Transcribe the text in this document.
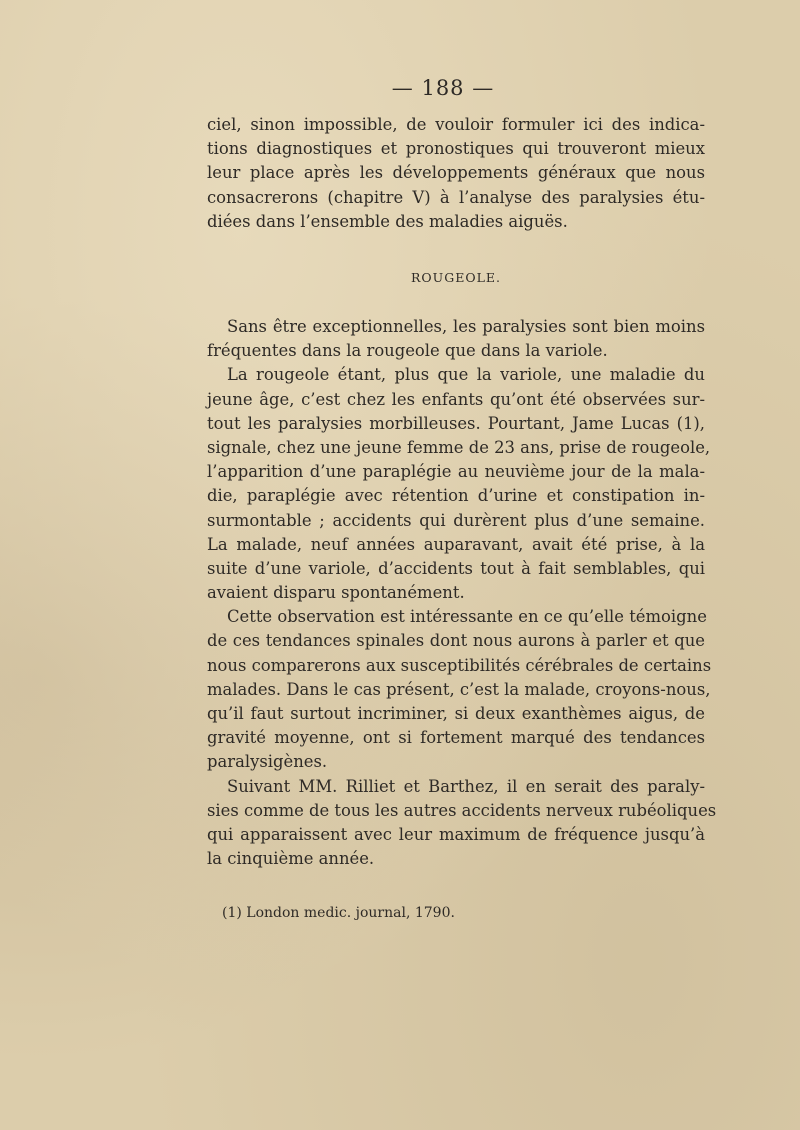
— 188 —
ciel, sinon impossible, de vouloir formuler ici des indica-
tions diagnostiques et pronostiques qui trouveront mieux
leur place après les développements généraux que nous
consacrerons (chapitre V) à l’analyse des paralysies étu-
diées dans l’ensemble des maladies aiguës.
ROUGEOLE.
Sans être exceptionnelles, les paralysies sont bien moins
fréquentes dans la rougeole que dans la variole.
La rougeole étant, plus que la variole, une maladie du
jeune âge, c’est chez les enfants qu’ont été observées sur-
tout les paralysies morbilleuses. Pourtant, Jame Lucas (1),
signale, chez une jeune femme de 23 ans, prise de rougeole,
l’apparition d’une paraplégie au neuvième jour de la mala-
die, paraplégie avec rétention d’urine et constipation in-
surmontable ; accidents qui durèrent plus d’une semaine.
La malade, neuf années auparavant, avait été prise, à la
suite d’une variole, d’accidents tout à fait semblables, qui
avaient disparu spontanément.
Cette observation est intéressante en ce qu’elle témoigne
de ces tendances spinales dont nous aurons à parler et que
nous comparerons aux susceptibilités cérébrales de certains
malades. Dans le cas présent, c’est la malade, croyons-nous,
qu’il faut surtout incriminer, si deux exanthèmes aigus, de
gravité moyenne, ont si fortement marqué des tendances
paralysigènes.
Suivant MM. Rilliet et Barthez, il en serait des paraly-
sies comme de tous les autres accidents nerveux rubéoliques
qui apparaissent avec leur maximum de fréquence jusqu’à
la cinquième année.
(1) London medic. journal, 1790.
